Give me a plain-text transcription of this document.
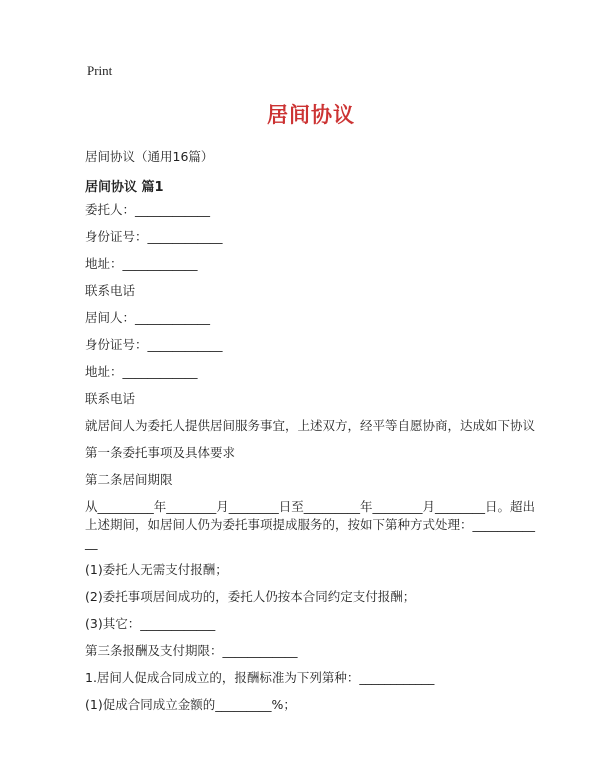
Print
居间协议
居间协议（通用16篇）
居间协议 篇1

委托人：____________

身份证号：____________

地址：____________

联系电话

居间人：____________

身份证号：____________

地址：____________

联系电话

就居间人为委托人提供居间服务事宜，上述双方，经平等自愿协商，达成如下协议

第一条委托事项及具体要求

第二条居间期限

从_________年________月________日至_________年________月________日。超出上述期间，如居间人仍为委托事项提成服务的，按如下第种方式处理：____________

(1)委托人无需支付报酬；

(2)委托事项居间成功的，委托人仍按本合同约定支付报酬；

(3)其它：____________

第三条报酬及支付期限：____________

1.居间人促成合同成立的，报酬标准为下列第种：____________

(1)促成合同成立金额的_________%；
